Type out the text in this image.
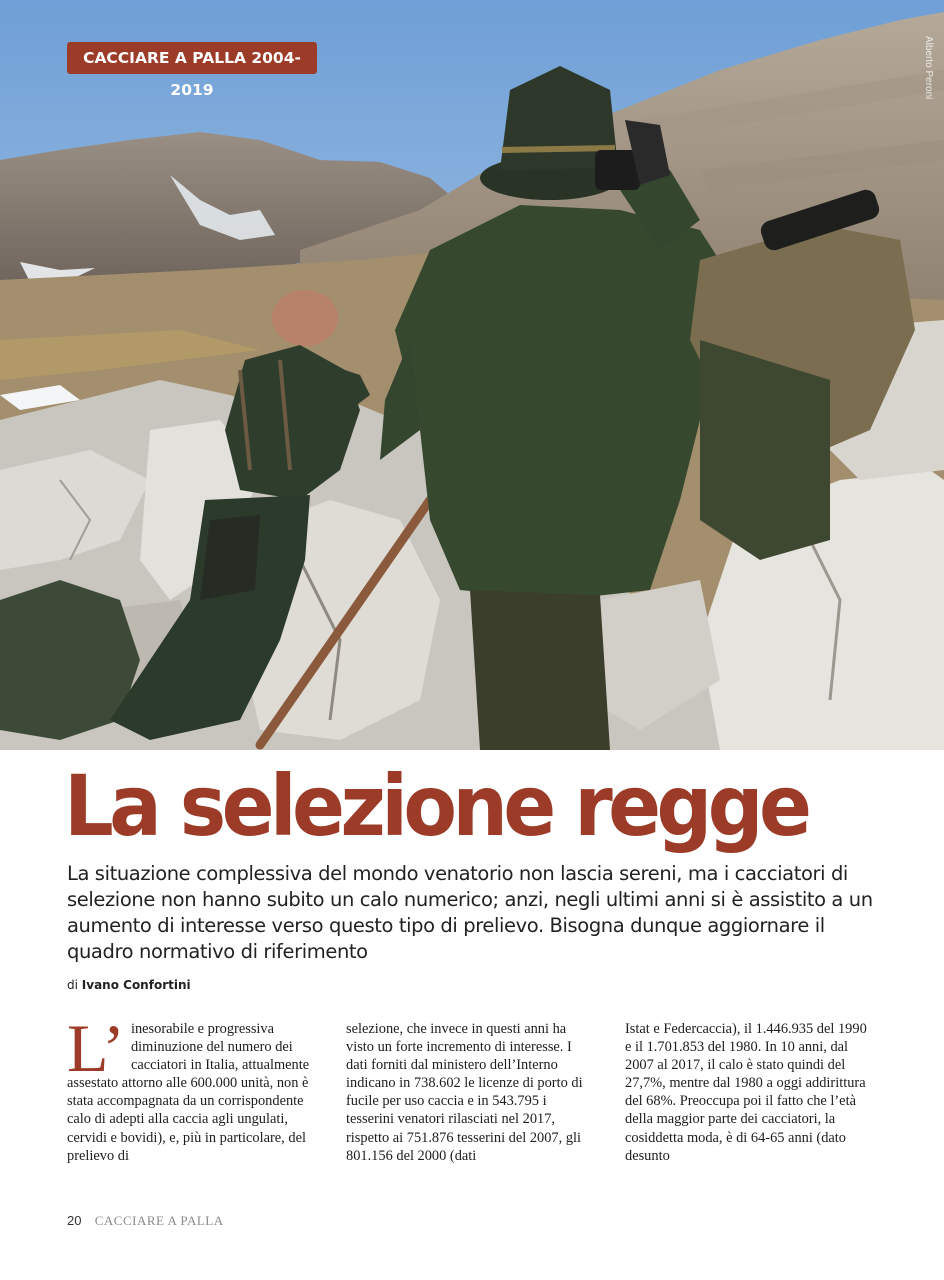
CACCIARE A PALLA 2004-2019	Alberto Peroni
La selezione regge

La situazione complessiva del mondo venatorio non lascia sereni, ma i cacciatori di selezione non hanno subito un calo numerico; anzi, negli ultimi anni si è assistito a un aumento di interesse verso questo tipo di prelievo. Bisogna dunque aggiornare il quadro normativo di riferimento

di Ivano Confortini

L’ inesorabile e progressiva diminuzione del numero dei cacciatori in Italia, attualmente assestato attorno alle 600.000 unità, non è stata accompagnata da un corrispondente calo di adepti alla caccia agli ungulati, cervidi e bovidi), e, più in particolare, del prelievo di

selezione, che invece in questi anni ha visto un forte incremento di interesse. I dati forniti dal ministero dell’Interno indicano in 738.602 le licenze di porto di fucile per uso caccia e in 543.795 i tesserini venatori rilasciati nel 2017, rispetto ai 751.876 tesserini del 2007, gli 801.156 del 2000 (dati

Istat e Federcaccia), il 1.446.935 del 1990 e il 1.701.853 del 1980. In 10 anni, dal 2007 al 2017, il calo è stato quindi del 27,7%, mentre dal 1980 a oggi addirittura del 68%. Preoccupa poi il fatto che l’età della maggior parte dei cacciatori, la cosiddetta moda, è di 64-65 anni (dato desunto

20 CACCIARE A PALLA
